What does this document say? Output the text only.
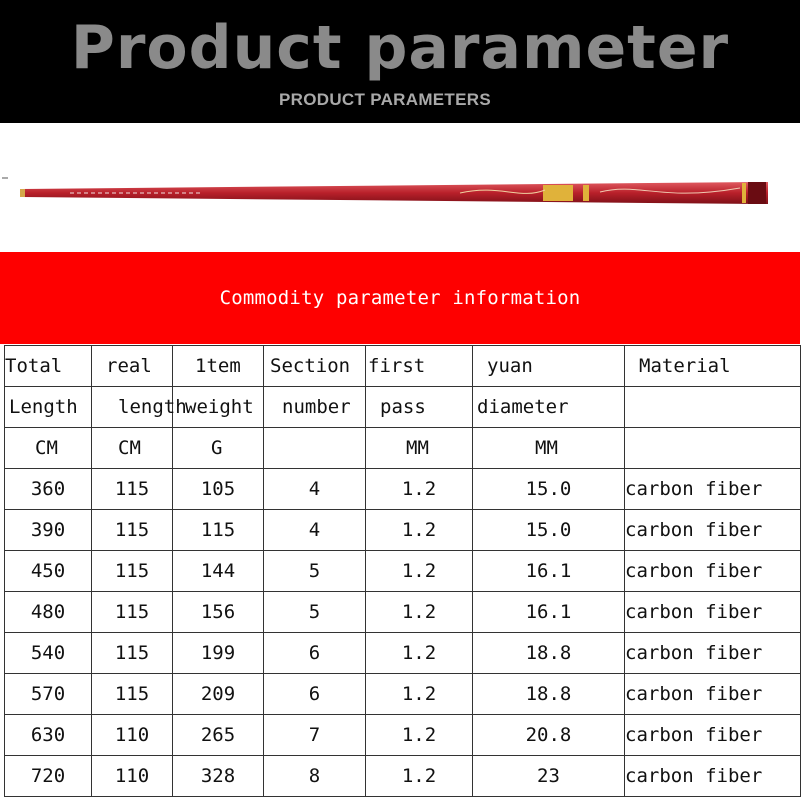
Product parameter
PRODUCT PARAMETERS
Commodity parameter information
Total	real	1tem	Section	first	yuan	Material
Length	length	weight	number	pass	diameter	
CM	CM	G		MM	MM	
360	115	105	4	1.2	15.0	carbon fiber
390	115	115	4	1.2	15.0	carbon fiber
450	115	144	5	1.2	16.1	carbon fiber
480	115	156	5	1.2	16.1	carbon fiber
540	115	199	6	1.2	18.8	carbon fiber
570	115	209	6	1.2	18.8	carbon fiber
630	110	265	7	1.2	20.8	carbon fiber
720	110	328	8	1.2	23	carbon fiber
